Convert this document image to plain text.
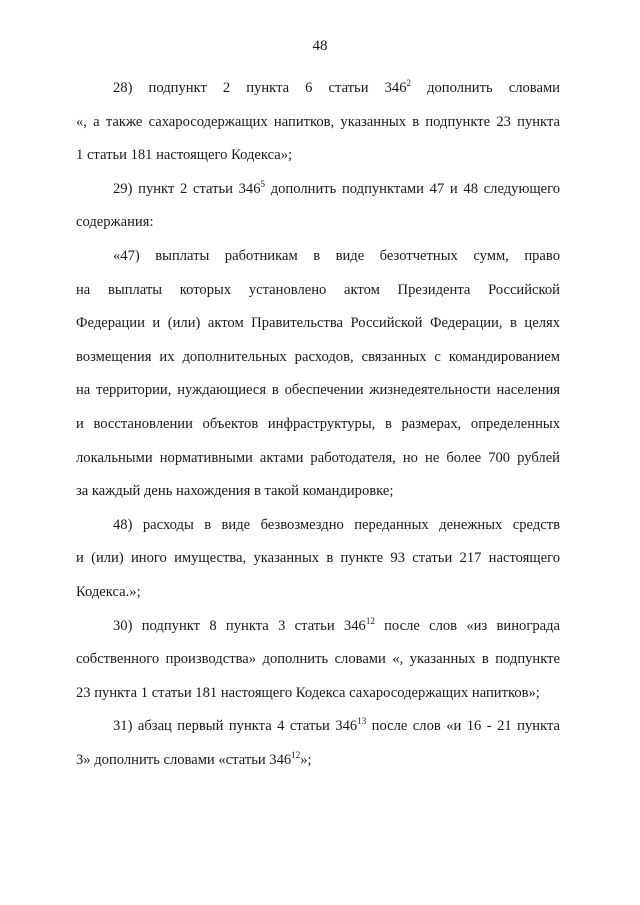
48
28) подпункт 2 пункта 6 статьи $346^2$ дополнить словами
«, а также сахаросодержащих напитков, указанных в подпункте 23 пункта
1 статьи 181 настоящего Кодекса»;
29) пункт 2 статьи $346^5$ дополнить подпунктами 47 и 48 следующего
содержания:
«47) выплаты работникам в виде безотчетных сумм, право
на выплаты которых установлено актом Президента Российской
Федерации и (или) актом Правительства Российской Федерации, в целях
возмещения их дополнительных расходов, связанных с командированием
на территории, нуждающиеся в обеспечении жизнедеятельности населения
и восстановлении объектов инфраструктуры, в размерах, определенных
локальными нормативными актами работодателя, но не более 700 рублей
за каждый день нахождения в такой командировке;
48) расходы в виде безвозмездно переданных денежных средств
и (или) иного имущества, указанных в пункте 93 статьи 217 настоящего
Кодекса.»;
30) подпункт 8 пункта 3 статьи $346^{12}$ после слов «из винограда
собственного производства» дополнить словами «, указанных в подпункте
23 пункта 1 статьи 181 настоящего Кодекса сахаросодержащих напитков»;
31) абзац первый пункта 4 статьи $346^{13}$ после слов «и 16 - 21 пункта
3» дополнить словами «статьи $346^{12}$»;
